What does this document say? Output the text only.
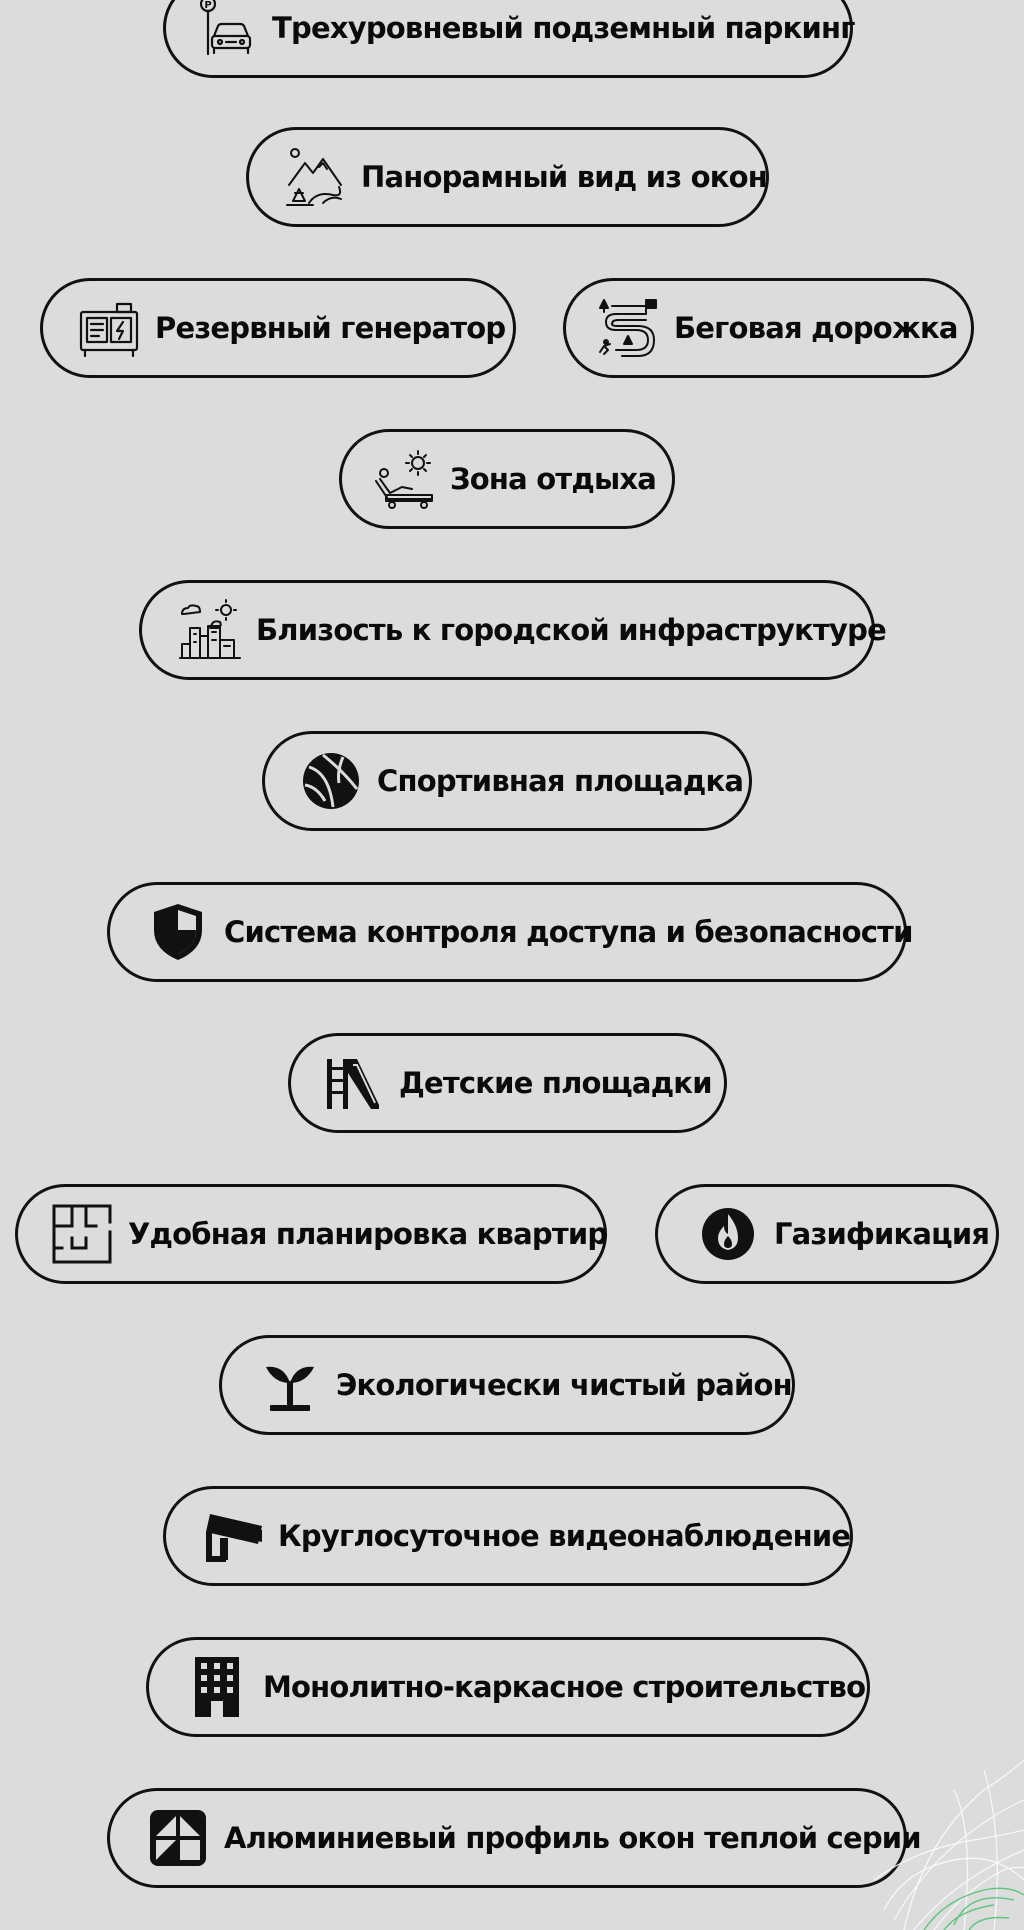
P
Трехуровневый подземный паркинг
Панорамный вид из окон
Резервный генератор	Беговая дорожка
Зона отдыха
Близость к городской инфраструктуре
Спортивная площадка
Система контроля доступа и безопасности
Детские площадки
Удобная планировка квартир	Газификация
Экологически чистый район
Круглосуточное видеонаблюдение
Монолитно-каркасное строительство
Алюминиевый профиль окон теплой серии
